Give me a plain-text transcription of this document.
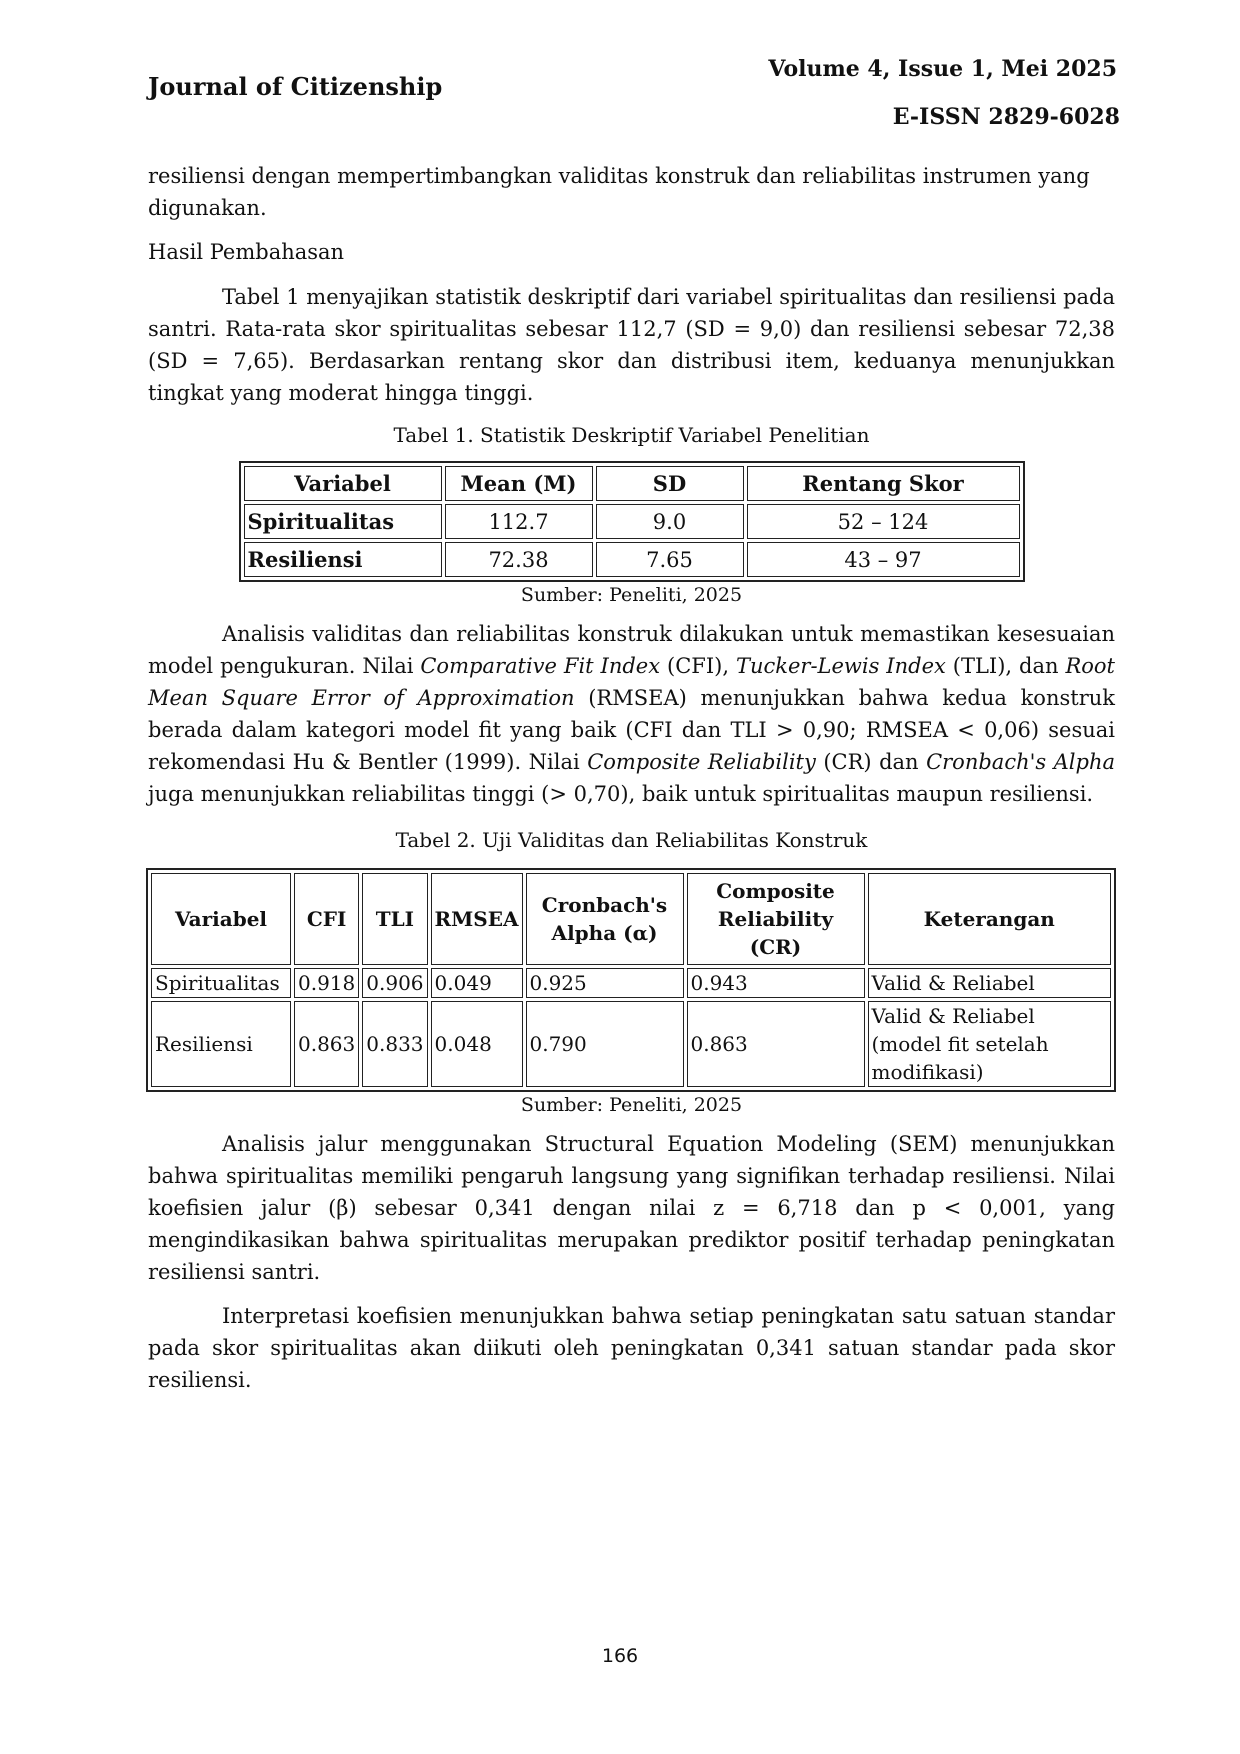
Journal of Citizenship
Volume 4, Issue 1, Mei 2025
E-ISSN 2829-6028

resiliensi dengan mempertimbangkan validitas konstruk dan reliabilitas instrumen yang digunakan.

Hasil Pembahasan

Tabel 1 menyajikan statistik deskriptif dari variabel spiritualitas dan resiliensi pada santri. Rata-rata skor spiritualitas sebesar 112,7 (SD = 9,0) dan resiliensi sebesar 72,38 (SD = 7,65). Berdasarkan rentang skor dan distribusi item, keduanya menunjukkan tingkat yang moderat hingga tinggi.

Tabel 1. Statistik Deskriptif Variabel Penelitian

Variabel	Mean (M)	SD	Rentang Skor
Spiritualitas	112.7	9.0	52 – 124
Resiliensi	72.38	7.65	43 – 97

Sumber: Peneliti, 2025

Analisis validitas dan reliabilitas konstruk dilakukan untuk memastikan kesesuaian model pengukuran. Nilai Comparative Fit Index (CFI), Tucker-Lewis Index (TLI), dan Root Mean Square Error of Approximation (RMSEA) menunjukkan bahwa kedua konstruk berada dalam kategori model fit yang baik (CFI dan TLI > 0,90; RMSEA < 0,06) sesuai rekomendasi Hu & Bentler (1999). Nilai Composite Reliability (CR) dan Cronbach's Alpha juga menunjukkan reliabilitas tinggi (> 0,70), baik untuk spiritualitas maupun resiliensi.

Tabel 2. Uji Validitas dan Reliabilitas Konstruk

Variabel	CFI	TLI	RMSEA	Cronbach's Alpha (α)	Composite Reliability (CR)	Keterangan
Spiritualitas	0.918	0.906	0.049	0.925	0.943	Valid & Reliabel
Resiliensi	0.863	0.833	0.048	0.790	0.863	Valid & Reliabel (model fit setelah modifikasi)

Sumber: Peneliti, 2025

Analisis jalur menggunakan Structural Equation Modeling (SEM) menunjukkan bahwa spiritualitas memiliki pengaruh langsung yang signifikan terhadap resiliensi. Nilai koefisien jalur (β) sebesar 0,341 dengan nilai z = 6,718 dan p < 0,001, yang mengindikasikan bahwa spiritualitas merupakan prediktor positif terhadap peningkatan resiliensi santri.

Interpretasi koefisien menunjukkan bahwa setiap peningkatan satu satuan standar pada skor spiritualitas akan diikuti oleh peningkatan 0,341 satuan standar pada skor resiliensi.

166
